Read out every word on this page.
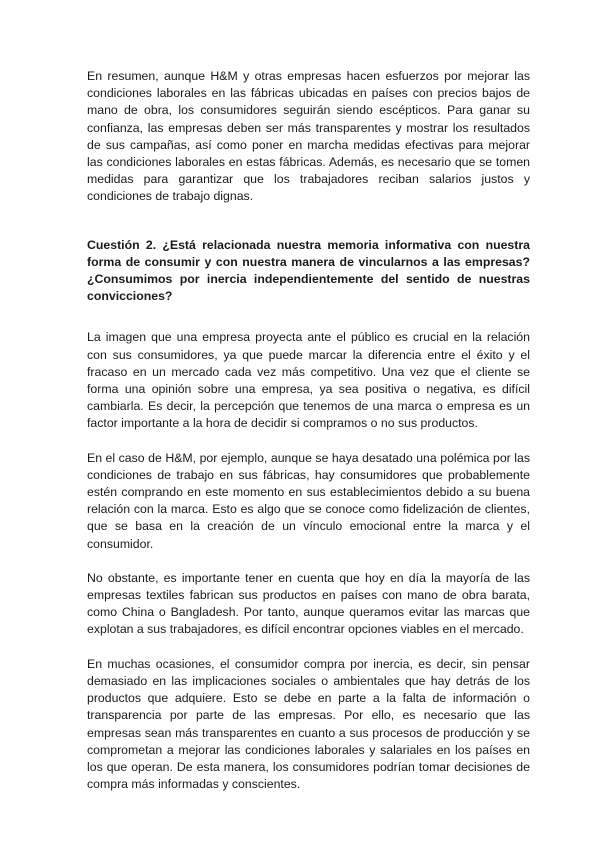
En resumen, aunque H&M y otras empresas hacen esfuerzos por mejorar las condiciones laborales en las fábricas ubicadas en países con precios bajos de mano de obra, los consumidores seguirán siendo escépticos. Para ganar su confianza, las empresas deben ser más transparentes y mostrar los resultados de sus campañas, así como poner en marcha medidas efectivas para mejorar las condiciones laborales en estas fábricas. Además, es necesario que se tomen medidas para garantizar que los trabajadores reciban salarios justos y condiciones de trabajo dignas.

Cuestión 2. ¿Está relacionada nuestra memoria informativa con nuestra forma de consumir y con nuestra manera de vincularnos a las empresas? ¿Consumimos por inercia independientemente del sentido de nuestras convicciones?

La imagen que una empresa proyecta ante el público es crucial en la relación con sus consumidores, ya que puede marcar la diferencia entre el éxito y el fracaso en un mercado cada vez más competitivo. Una vez que el cliente se forma una opinión sobre una empresa, ya sea positiva o negativa, es difícil cambiarla. Es decir, la percepción que tenemos de una marca o empresa es un factor importante a la hora de decidir si compramos o no sus productos.

En el caso de H&M, por ejemplo, aunque se haya desatado una polémica por las condiciones de trabajo en sus fábricas, hay consumidores que probablemente estén comprando en este momento en sus establecimientos debido a su buena relación con la marca. Esto es algo que se conoce como fidelización de clientes, que se basa en la creación de un vínculo emocional entre la marca y el consumidor.

No obstante, es importante tener en cuenta que hoy en día la mayoría de las empresas textiles fabrican sus productos en países con mano de obra barata, como China o Bangladesh. Por tanto, aunque queramos evitar las marcas que explotan a sus trabajadores, es difícil encontrar opciones viables en el mercado.

En muchas ocasiones, el consumidor compra por inercia, es decir, sin pensar demasiado en las implicaciones sociales o ambientales que hay detrás de los productos que adquiere. Esto se debe en parte a la falta de información o transparencia por parte de las empresas. Por ello, es necesario que las empresas sean más transparentes en cuanto a sus procesos de producción y se comprometan a mejorar las condiciones laborales y salariales en los países en los que operan. De esta manera, los consumidores podrían tomar decisiones de compra más informadas y conscientes.
